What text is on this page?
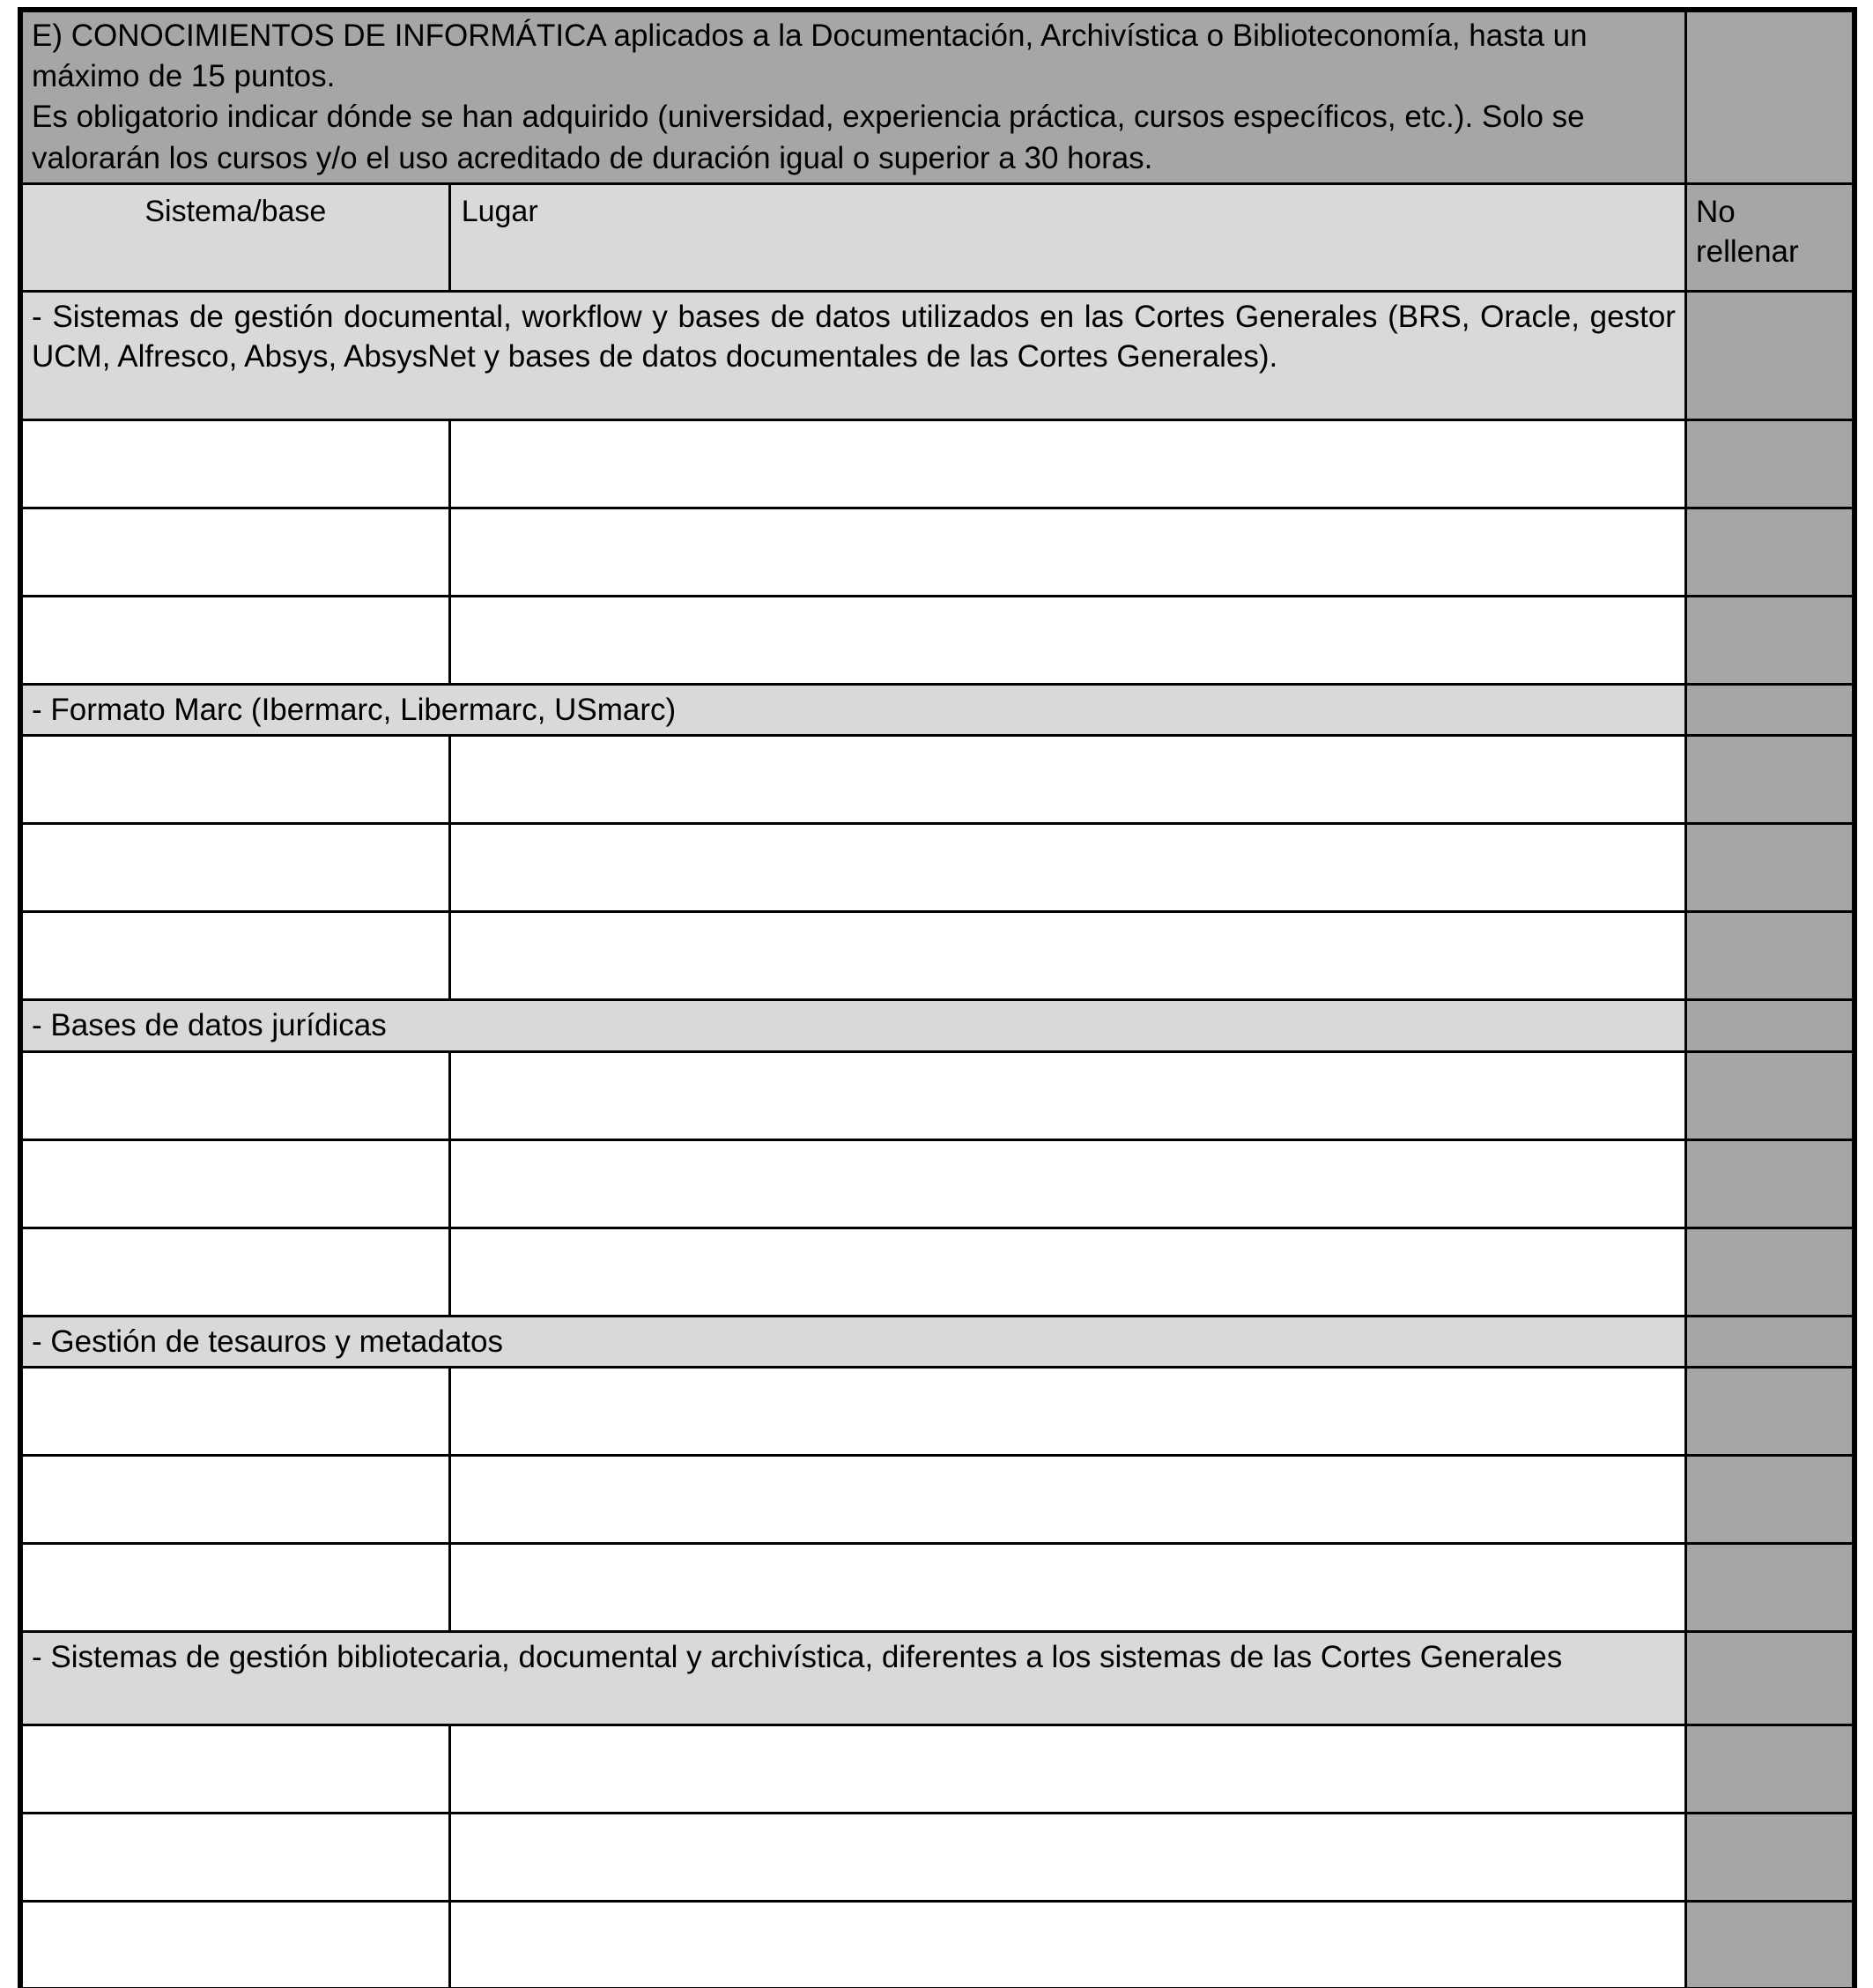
E) CONOCIMIENTOS DE INFORMÁTICA aplicados a la Documentación, Archivística o Biblioteconomía, hasta un máximo de 15 puntos.

Es obligatorio indicar dónde se han adquirido (universidad, experiencia práctica, cursos específicos, etc.). Solo se valorarán los cursos y/o el uso acreditado de duración igual o superior a 30 horas.		

Sistema/base	Lugar	No rellenar
- Sistemas de gestión documental, workflow y bases de datos utilizados en las Cortes Generales (BRS, Oracle, gestor UCM, Alfresco, Absys, AbsysNet y bases de datos documentales de las Cortes Generales).		

- Formato Marc (Ibermarc, Libermarc, USmarc)		

- Bases de datos jurídicas		

- Gestión de tesauros y metadatos		

- Sistemas de gestión bibliotecaria, documental y archivística, diferentes a los sistemas de las Cortes Generales		
